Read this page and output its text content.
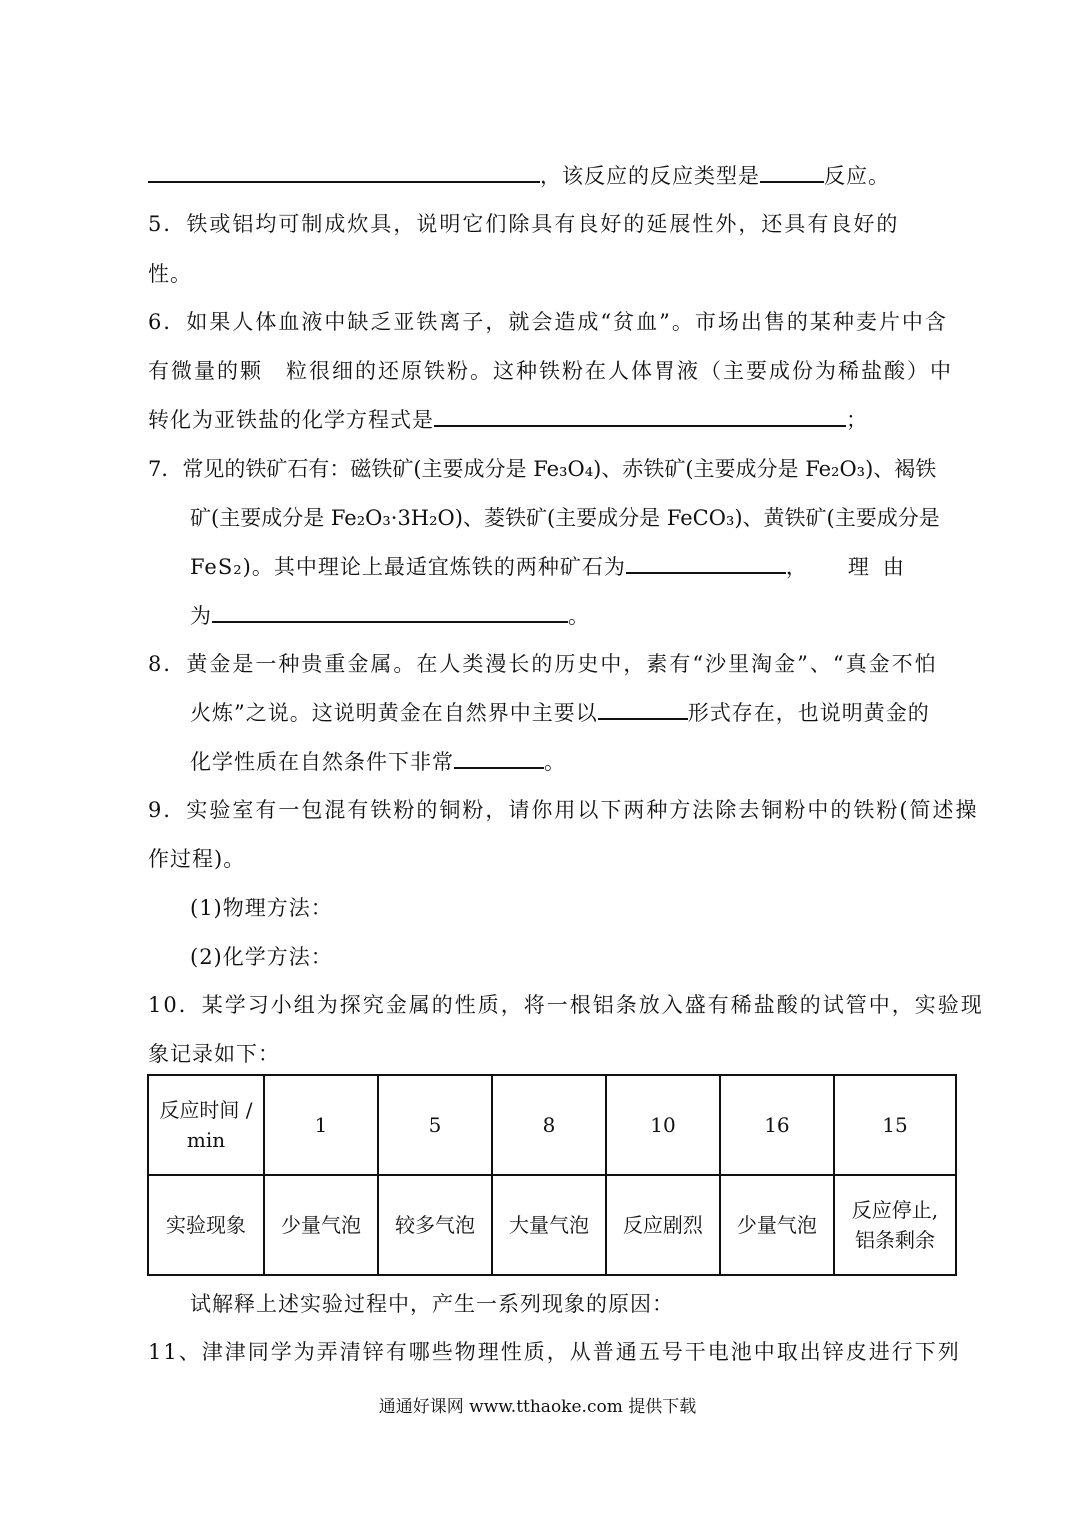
，该反应的反应类型是	反应。
5．铁或铝均可制成炊具，说明它们除具有良好的延展性外，还具有良好的
性。
6．如果人体血液中缺乏亚铁离子，就会造成“贫血”。市场出售的某种麦片中含
有微量的颗　粒很细的还原铁粉。这种铁粉在人体胃液（主要成份为稀盐酸）中
转化为亚铁盐的化学方程式是	；
7．常见的铁矿石有：磁铁矿(主要成分是 Fe₃O₄)、赤铁矿(主要成分是 Fe₂O₃)、褐铁
矿(主要成分是 Fe₂O₃·3H₂O)、菱铁矿(主要成分是 FeCO₃)、黄铁矿(主要成分是
FeS₂)。其中理论上最适宜炼铁的两种矿石为	， 理由
为	。
8．黄金是一种贵重金属。在人类漫长的历史中，素有“沙里淘金”、“真金不怕
火炼”之说。这说明黄金在自然界中主要以	形式存在，也说明黄金的
化学性质在自然条件下非常	。
9．实验室有一包混有铁粉的铜粉，请你用以下两种方法除去铜粉中的铁粉(简述操
作过程)。
(1)物理方法：
(2)化学方法：
10．某学习小组为探究金属的性质，将一根铝条放入盛有稀盐酸的试管中，实验现
象记录如下：
反应时间 /
min	1	5	8	10	16	15
实验现象	少量气泡	较多气泡	大量气泡	反应剧烈	少量气泡	反应停止,
铝条剩余
试解释上述实验过程中，产生一系列现象的原因：
11、津津同学为弄清锌有哪些物理性质，从普通五号干电池中取出锌皮进行下列
通通好课网 www.tthaoke.com 提供下载
